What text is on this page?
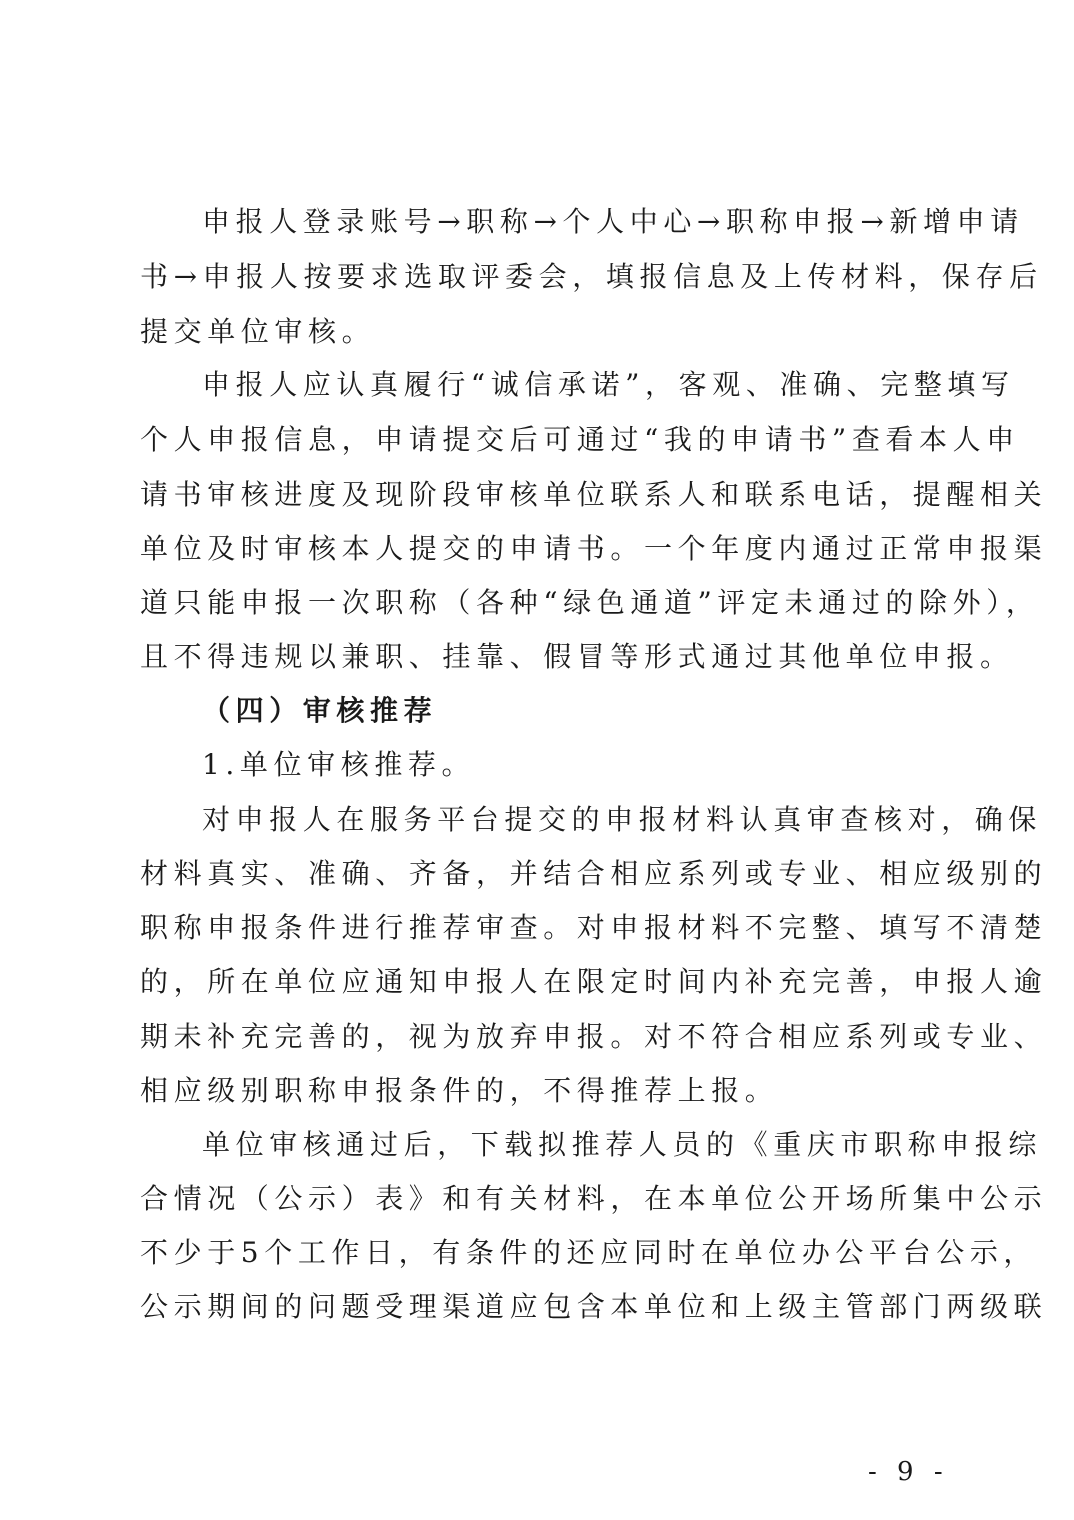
申报人登录账号→职称→个人中心→职称申报→新增申请
书→申报人按要求选取评委会，填报信息及上传材料，保存后
提交单位审核。
申报人应认真履行“诚信承诺”，客观、准确、完整填写
个人申报信息，申请提交后可通过“我的申请书”查看本人申
请书审核进度及现阶段审核单位联系人和联系电话，提醒相关
单位及时审核本人提交的申请书。一个年度内通过正常申报渠
道只能申报一次职称（各种“绿色通道”评定未通过的除外），
且不得违规以兼职、挂靠、假冒等形式通过其他单位申报。
（四）审核推荐
1.单位审核推荐。
对申报人在服务平台提交的申报材料认真审查核对，确保
材料真实、准确、齐备，并结合相应系列或专业、相应级别的
职称申报条件进行推荐审查。对申报材料不完整、填写不清楚
的，所在单位应通知申报人在限定时间内补充完善，申报人逾
期未补充完善的，视为放弃申报。对不符合相应系列或专业、
相应级别职称申报条件的，不得推荐上报。
单位审核通过后，下载拟推荐人员的《重庆市职称申报综
合情况（公示）表》和有关材料，在本单位公开场所集中公示
不少于5个工作日，有条件的还应同时在单位办公平台公示，
公示期间的问题受理渠道应包含本单位和上级主管部门两级联
- 9 -
